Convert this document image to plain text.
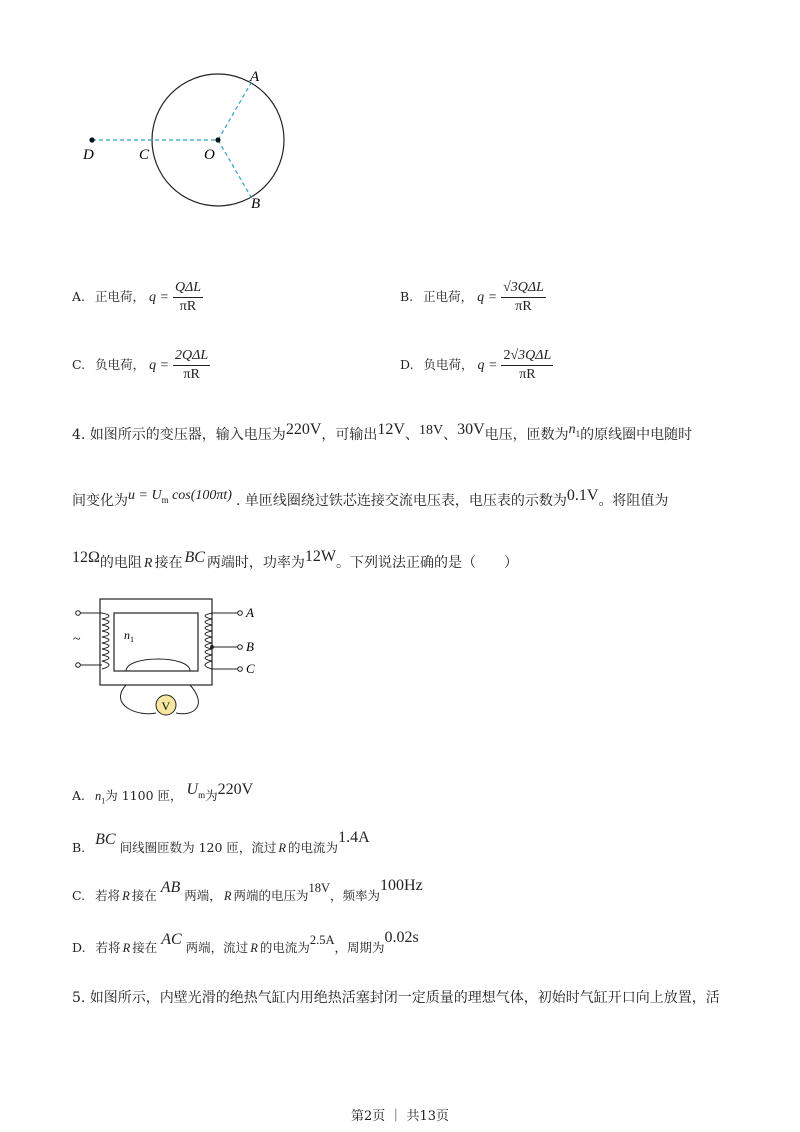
D	C	O
A
B
A. 正电荷， $q = \frac{\text{QΔL}}{\pi R}$	B. 正电荷， $q = \frac{\text{√3QΔL}}{\pi R}$
C. 负电荷， $q = \frac{\text{2QΔL}}{\pi R}$	D. 负电荷， $q = \frac{\text{2√3QΔL}}{\pi R}$
4. 如图所示的变压器，输入电压为220V，可输出12V、18V、30V电压，匝数为$n_1$的原线圈中电随时
间变化为$u = U_m$ cos(100πt) . 单匝线圈绕过铁芯连接交流电压表，电压表的示数为0.1V。将阻值为
12Ω的电阻 R 接在 BC 两端时，功率为12W。下列说法正确的是（　　）
~	$n_1$
A
B
C
V
A. $n_1$为 1100 匝， $U_m$为220V
B. BC 间线圈匝数为 120 匝，流过 R 的电流为1.4A
C. 若将 R 接在 AB 两端， R 两端的电压为18V，频率为100Hz
D. 若将 R 接在 AC 两端，流过 R 的电流为2.5A，周期为0.02s
5. 如图所示，内壁光滑的绝热气缸内用绝热活塞封闭一定质量的理想气体，初始时气缸开口向上放置，活
第2页 ｜ 共13页
